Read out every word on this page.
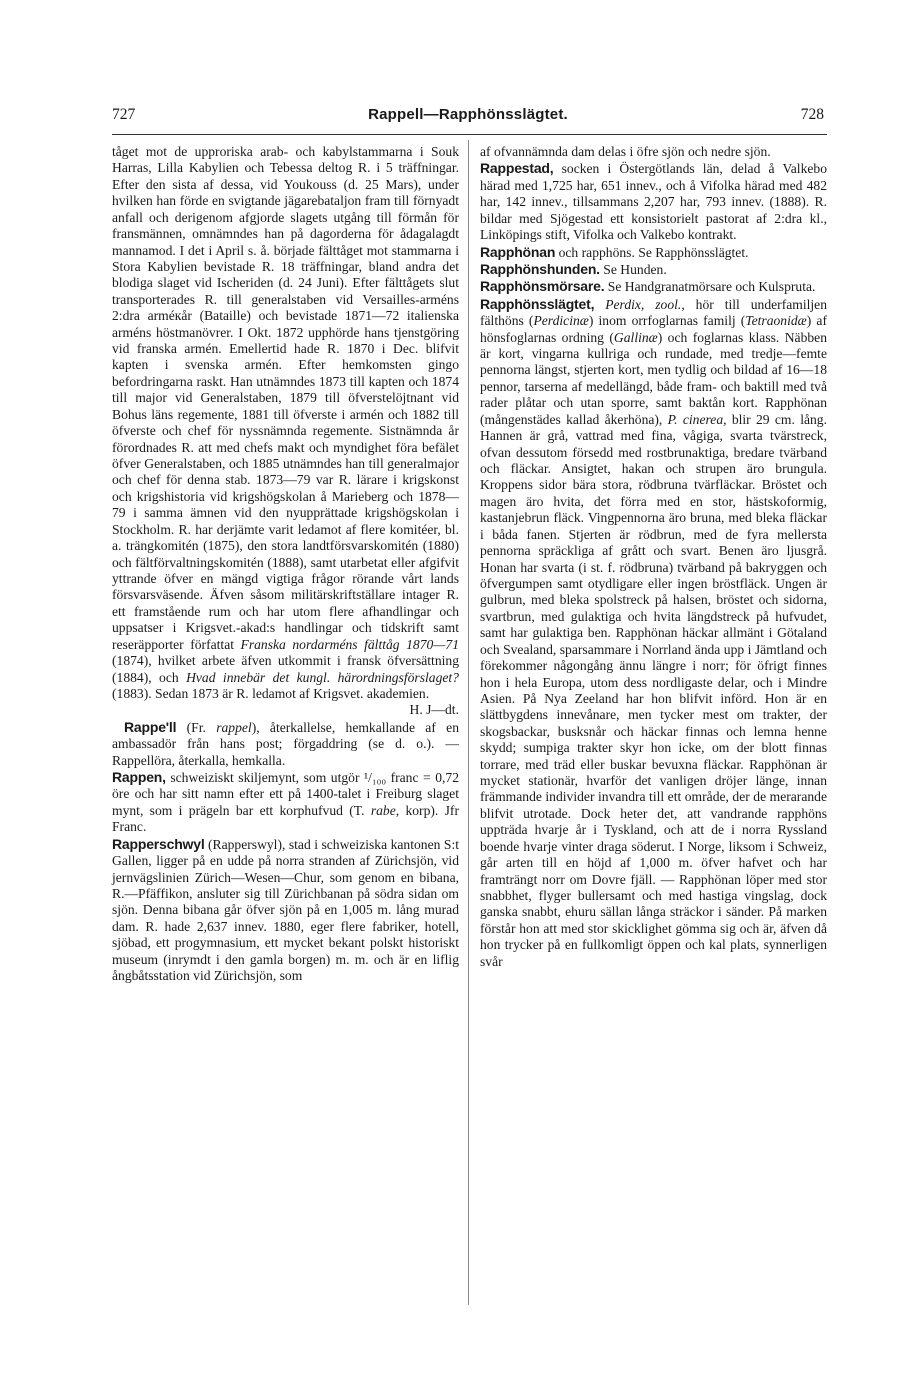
727	Rappell—Rapphönsslägtet.	728

tåget mot de upproriska arab- och kabylstammarna i Souk Harras, Lilla Kabylien och Tebessa deltog R. i 5 träffningar. Efter den sista af dessa, vid Youkouss (d. 25 Mars), under hvilken han förde en svigtande jägarebataljon fram till förnyadt anfall och derigenom afgjorde slagets utgång till förmån för fransmännen, omnämndes han på dagorderna för ådagalagdt mannamod. I det i April s. å. började fälttåget mot stammarna i Stora Kabylien bevistade R. 18 träffningar, bland andra det blodiga slaget vid Ischeriden (d. 24 Juni). Efter fälttågets slut transporterades R. till generalstaben vid Versailles-arméns 2:dra arméкår (Bataille) och bevistade 1871—72 italienska arméns höstmanövrer. I Okt. 1872 upphörde hans tjenstgöring vid franska armén. Emellertid hade R. 1870 i Dec. blifvit kapten i svenska armén. Efter hemkomsten gingo befordringarna raskt. Han utnämndes 1873 till kapten och 1874 till major vid Generalstaben, 1879 till öfverstelöjtnant vid Bohus läns regemente, 1881 till öfverste i armén och 1882 till öfverste och chef för nyssnämnda regemente. Sistnämnda år förordnades R. att med chefs makt och myndighet föra befälet öfver Generalstaben, och 1885 utnämndes han till generalmajor och chef för denna stab. 1873—79 var R. lärare i krigskonst och krigshistoria vid krigshögskolan å Marieberg och 1878—79 i samma ämnen vid den nyupprättade krigshögskolan i Stockholm. R. har derjämte varit ledamot af flere komitéer, bl. a. trängkomitén (1875), den stora landtförsvarskomitén (1880) och fältförvaltningskomitén (1888), samt utarbetat eller afgifvit yttrande öfver en mängd vigtiga frågor rörande vårt lands försvarsväsende. Äfven såsom militärskriftställare intager R. ett framstående rum och har utom flere afhandlingar och uppsatser i Krigsvet.-akad:s handlingar och tidskrift samt reseräpporter författat Franska nordarméns fälttåg 1870—71 (1874), hvilket arbete äfven utkommit i fransk öfversättning (1884), och Hvad innebär det kungl. härordningsförslaget? (1883). Sedan 1873 är R. ledamot af Krigsvet. akademien.

H. J—dt.

Rappe'll (Fr. rappel), återkallelse, hemkallande af en ambassadör från hans post; förgaddring (se d. o.). — Rappellöra, återkalla, hemkalla.

Rappen, schweiziskt skiljemynt, som utgör ¹/₁₀₀ franc = 0,72 öre och har sitt namn efter ett på 1400-talet i Freiburg slaget mynt, som i prägeln bar ett korphufvud (T. rabe, korp). Jfr Franc.

Rapperschwyl (Rapperswyl), stad i schweiziska kantonen S:t Gallen, ligger på en udde på norra stranden af Zürichsjön, vid jernvägslinien Zürich—Wesen—Chur, som genom en bibana, R.—Pfäffikon, ansluter sig till Zürichbanan på södra sidan om sjön. Denna bibana går öfver sjön på en 1,005 m. lång murad dam. R. hade 2,637 innev. 1880, eger flere fabriker, hotell, sjöbad, ett progymnasium, ett mycket bekant polskt historiskt museum (inrymdt i den gamla borgen) m. m. och är en liflig ångbåtsstation vid Zürichsjön, som

af ofvannämnda dam delas i öfre sjön och nedre sjön.

Rappestad, socken i Östergötlands län, delad å Valkebo härad med 1,725 har, 651 innev., och å Vifolka härad med 482 har, 142 innev., tillsammans 2,207 har, 793 innev. (1888). R. bildar med Sjögestad ett konsistorielt pastorat af 2:dra kl., Linköpings stift, Vifolka och Valkebo kontrakt.

Rapphönan och rapphöns. Se Rapphönsslägtet.

Rapphönshunden. Se Hunden.

Rapphönsmörsare. Se Handgranatmörsare och Kulspruta.

Rapphönsslägtet, Perdix, zool., hör till underfamiljen fälthöns (Perdicinæ) inom orrfoglarnas familj (Tetraonidæ) af hönsfoglarnas ordning (Gallinæ) och foglarnas klass. Näbben är kort, vingarna kullriga och rundade, med tredje—femte pennorna längst, stjerten kort, men tydlig och bildad af 16—18 pennor, tarserna af medellängd, både fram- och baktill med två rader plåtar och utan sporre, samt baktån kort. Rapphönan (mångenstädes kallad åkerhöna), P. cinerea, blir 29 cm. lång. Hannen är grå, vattrad med fina, vågiga, svarta tvärstreck, ofvan dessutom försedd med rostbrunaktiga, bredare tvärband och fläckar. Ansigtet, hakan och strupen äro brungula. Kroppens sidor bära stora, rödbruna tvärfläckar. Bröstet och magen äro hvita, det förra med en stor, hästskoformig, kastanjebrun fläck. Vingpennorna äro bruna, med bleka fläckar i båda fanen. Stjerten är rödbrun, med de fyra mellersta pennorna spräckliga af grått och svart. Benen äro ljusgrå. Honan har svarta (i st. f. rödbruna) tvärband på bakryggen och öfvergumpen samt otydligare eller ingen bröstfläck. Ungen är gulbrun, med bleka spolstreck på halsen, bröstet och sidorna, svartbrun, med gulaktiga och hvita längdstreck på hufvudet, samt har gulaktiga ben. Rapphönan häckar allmänt i Götaland och Svealand, sparsammare i Norrland ända upp i Jämtland och förekommer någongång ännu längre i norr; för öfrigt finnes hon i hela Europa, utom dess nordligaste delar, och i Mindre Asien. På Nya Zeeland har hon blifvit införd. Hon är en slättbygdens innevånare, men tycker mest om trakter, der skogsbackar, busksnår och häckar finnas och lemna henne skydd; sumpiga trakter skyr hon icke, om der blott finnas torrare, med träd eller buskar bevuxna fläckar. Rapphönan är mycket stationär, hvarför det vanligen dröjer länge, innan främmande individer invandra till ett område, der de merarande blifvit utrotade. Dock heter det, att vandrande rapphöns uppträda hvarje år i Tyskland, och att de i norra Ryssland boende hvarje vinter draga söderut. I Norge, liksom i Schweiz, går arten till en höjd af 1,000 m. öfver hafvet och har framträngt norr om Dovre fjäll. — Rapphönan löper med stor snabbhet, flyger bullersamt och med hastiga vingslag, dock ganska snabbt, ehuru sällan långa sträckor i sänder. På marken förstår hon att med stor skicklighet gömma sig och är, äfven då hon trycker på en fullkomligt öppen och kal plats, synnerligen svår
